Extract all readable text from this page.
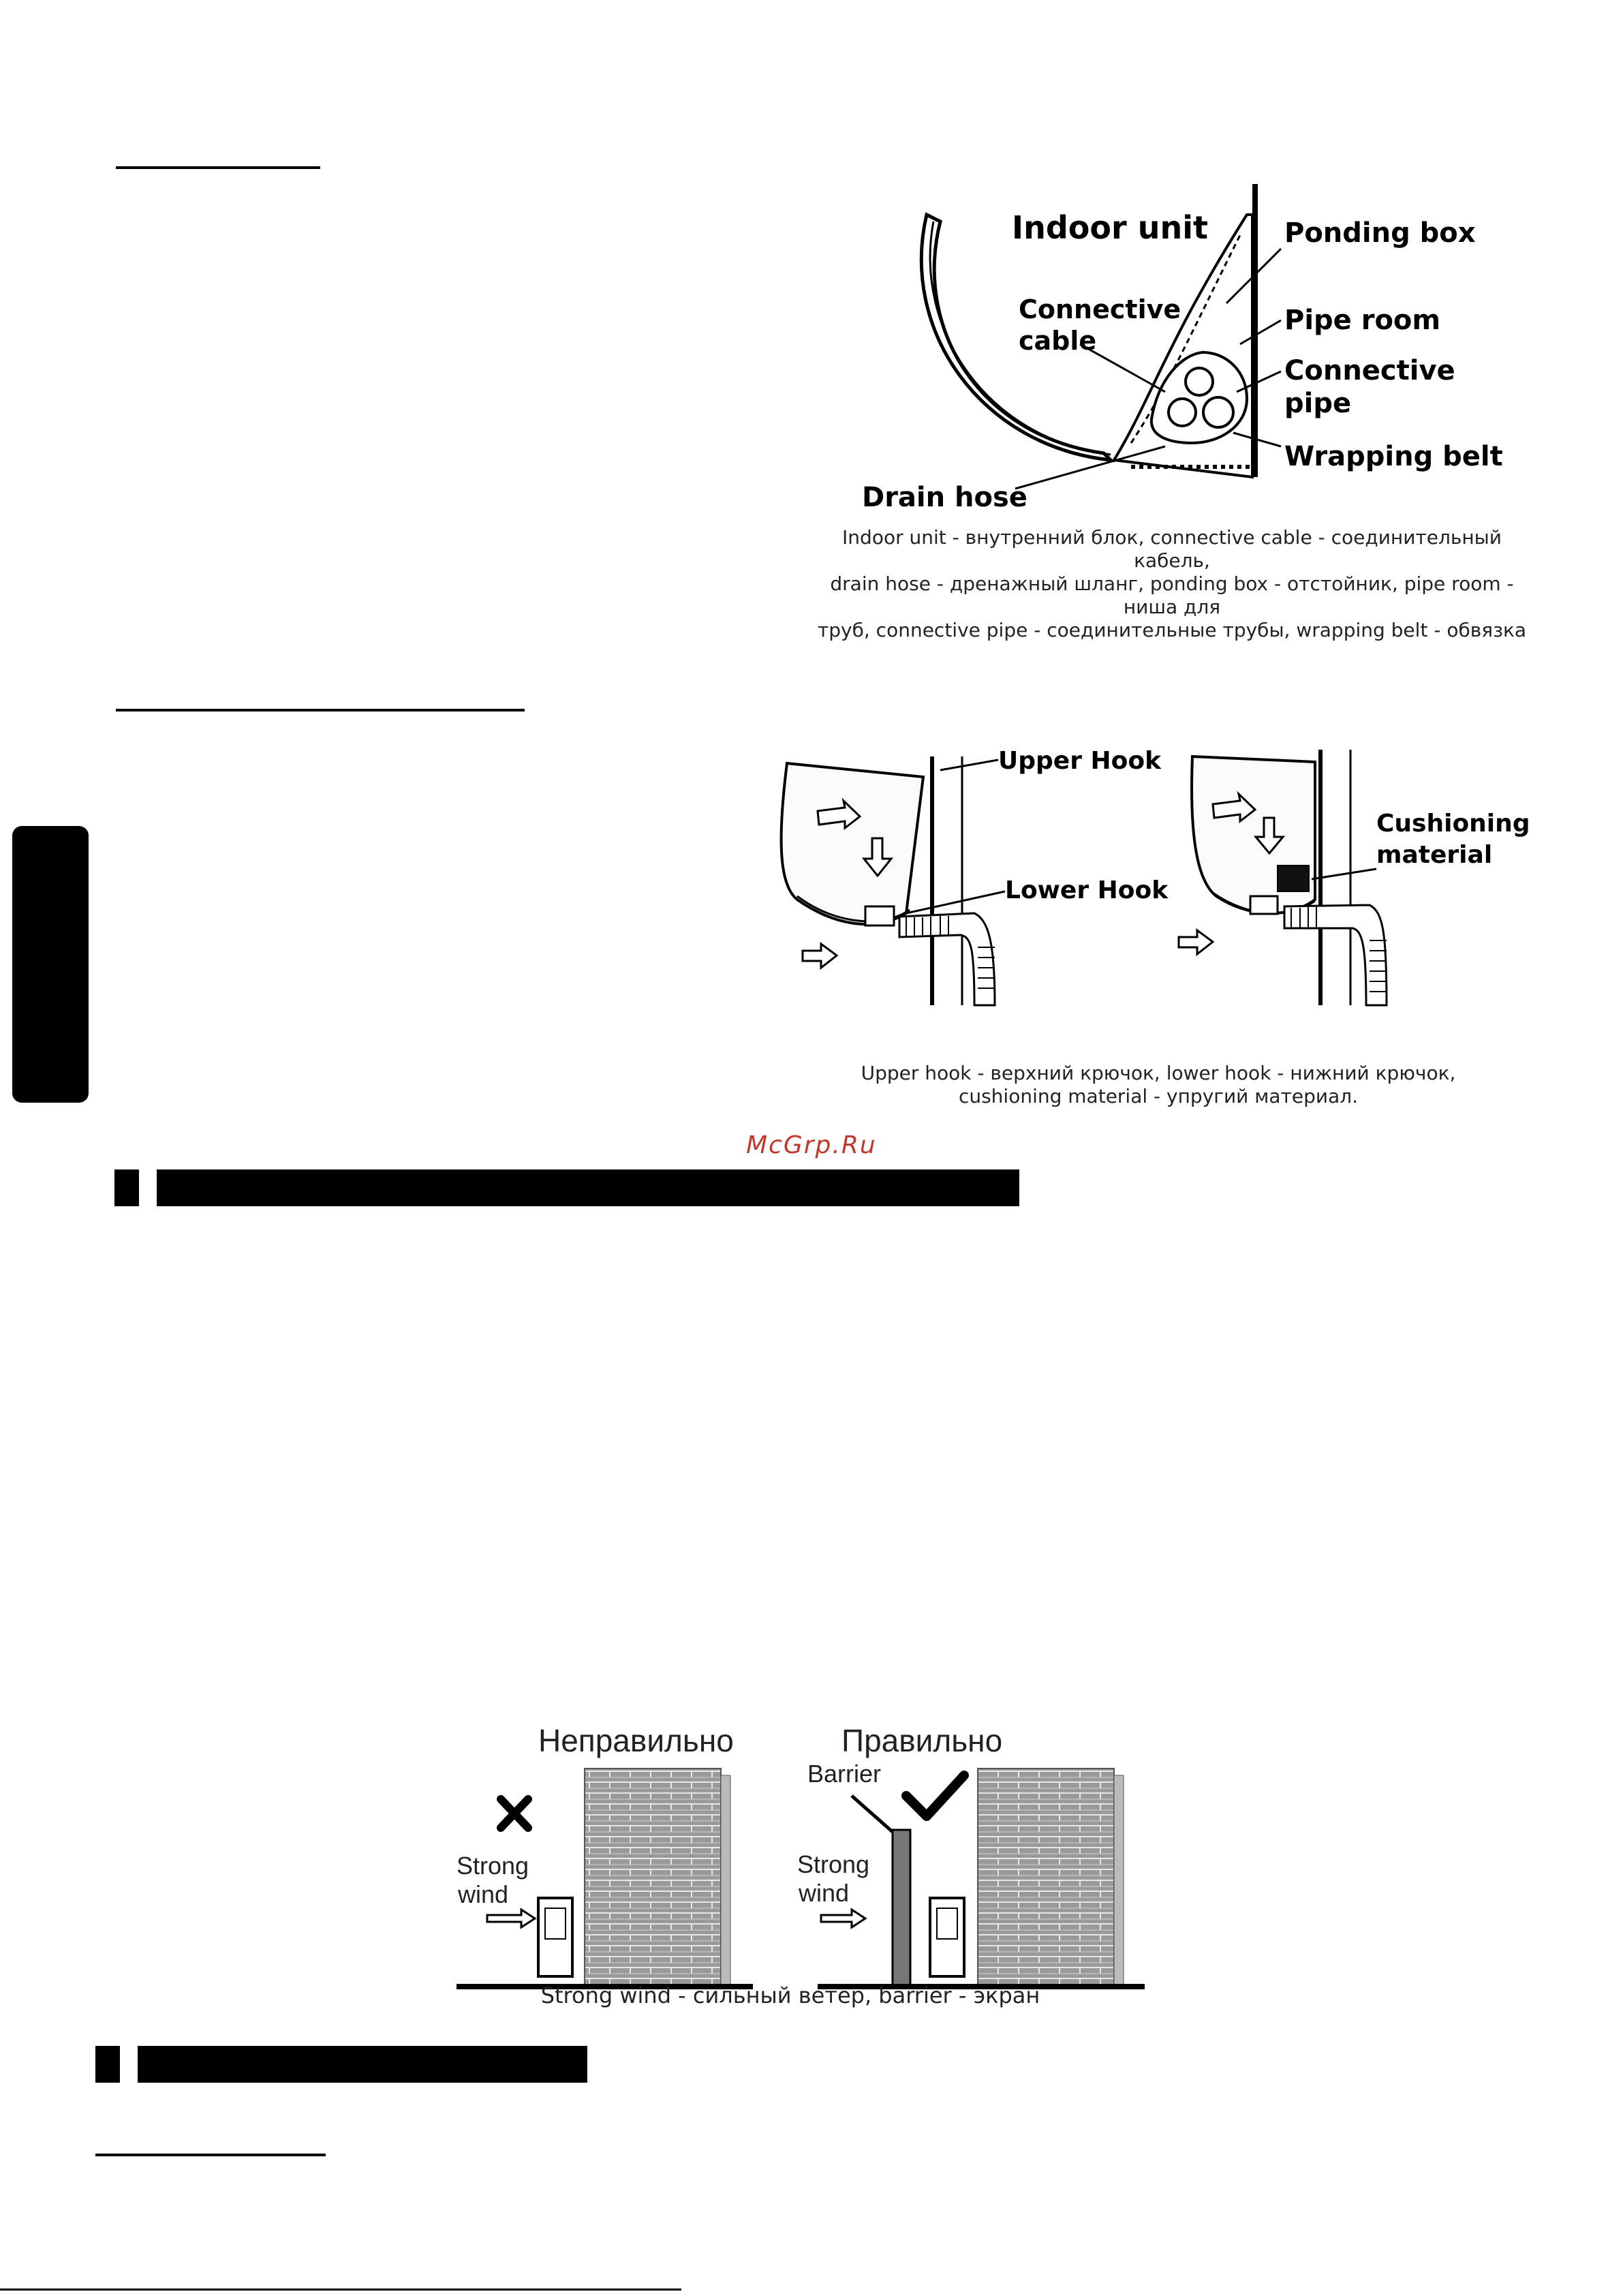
McGrp.Ru
Indoor unit	Ponding box
Pipe room
Connective
cable
Connective
pipe
Wrapping belt
Drain hose
Indoor unit - внутренний блок, connective cable - соединительный кабель,
drain hose - дренажный шланг, ponding box - отстойник, pipe room - ниша для
труб, connective pipe - соединительные трубы, wrapping belt - обвязка
Upper Hook
Lower Hook
Cushioning
material
Upper hook - верхний крючок, lower hook - нижний крючок,
cushioning material - упругий материал.
Неправильно
Strong
wind
Правильно
Barrier
Strong
wind
Strong wind - сильный ветер, barrier - экран
